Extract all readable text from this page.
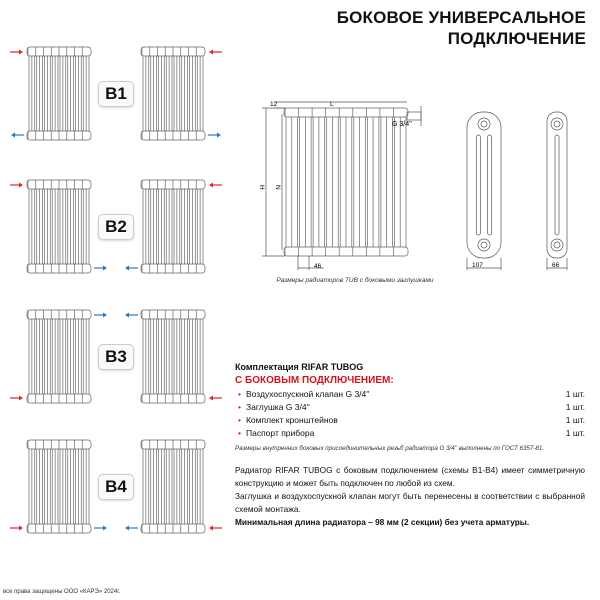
БОКОВОЕ УНИВЕРСАЛЬНОЕ
ПОДКЛЮЧЕНИЕ
B1
B2
B3
B4
12	L
G 3/4''
H N
46	107	66
Размеры радиаторов TUB с боковыми заглушками
Комплектация RIFAR TUBOG
С БОКОВЫМ ПОДКЛЮЧЕНИЕМ:
• Воздухоспускной клапан G 3/4''	1 шт.
• Заглушка G 3/4''	1 шт.
• Комплект кронштейнов	1 шт.
• Паспорт прибора	1 шт.
Размеры внутренних боковых присоединительных резьб радиатора G 3/4'' выполнены по ГОСТ 6357-81.

Радиатор RIFAR TUBOG с боковым подключением (схемы B1-B4) имеет симметричную конструкцию и может быть подключен по любой из схем.

Заглушка и воздухоспускной клапан могут быть перенесены в соответствии с выбранной схемой монтажа.

Минимальная длина радиатора – 98 мм (2 секции) без учета арматуры.

все права защищены ООО «КАРЭ» 2024г.
